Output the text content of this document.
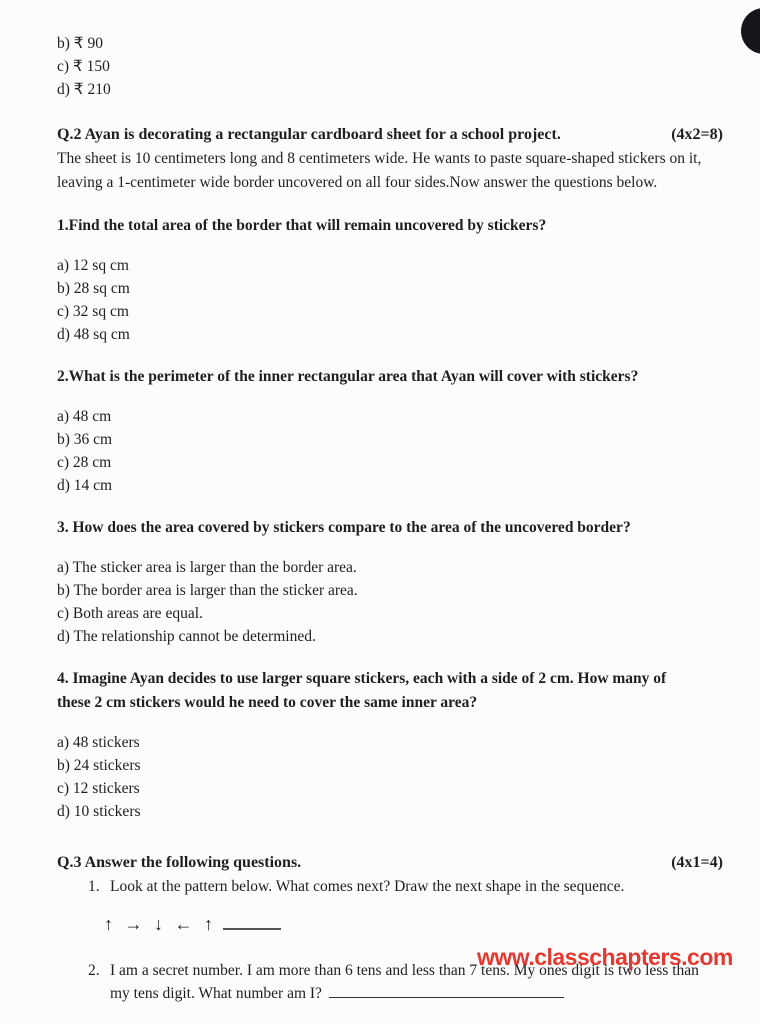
b) ₹ 90
c) ₹ 150
d) ₹ 210
Q.2 Ayan is decorating a rectangular cardboard sheet for a school project.	(4x2=8)
The sheet is 10 centimeters long and 8 centimeters wide. He wants to paste square-shaped stickers on it,
leaving a 1-centimeter wide border uncovered on all four sides.Now answer the questions below.
1.Find the total area of the border that will remain uncovered by stickers?
a) 12 sq cm
b) 28 sq cm
c) 32 sq cm
d) 48 sq cm
2.What is the perimeter of the inner rectangular area that Ayan will cover with stickers?
a) 48 cm
b) 36 cm
c) 28 cm
d) 14 cm
3. How does the area covered by stickers compare to the area of the uncovered border?
a) The sticker area is larger than the border area.
b) The border area is larger than the sticker area.
c) Both areas are equal.
d) The relationship cannot be determined.
4. Imagine Ayan decides to use larger square stickers, each with a side of 2 cm. How many of
these 2 cm stickers would he need to cover the same inner area?
a) 48 stickers
b) 24 stickers
c) 12 stickers
d) 10 stickers
Q.3 Answer the following questions.	(4x1=4)
1. Look at the pattern below. What comes next? Draw the next shape in the sequence.
↑ → ↓ ← ↑
2. I am a secret number. I am more than 6 tens and less than 7 tens. My ones digit is two less than
my tens digit. What number am I?
www.classchapters.com
